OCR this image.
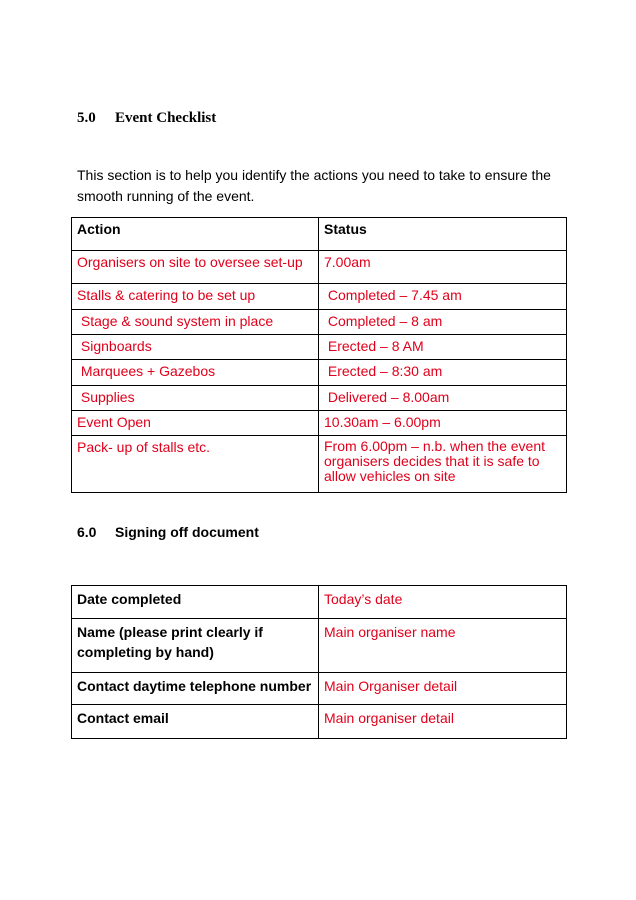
5.0 Event Checklist
This section is to help you identify the actions you need to take to ensure the smooth running of the event.
Action	Status
Organisers on site to oversee set-up	7.00am
Stalls & catering to be set up	Completed – 7.45 am
Stage & sound system in place	Completed – 8 am
Signboards	Erected – 8 AM
Marquees + Gazebos	Erected – 8:30 am
Supplies	Delivered – 8.00am
Event Open	10.30am – 6.00pm
Pack- up of stalls etc.	From 6.00pm – n.b. when the event organisers decides that it is safe to allow vehicles on site
6.0 Signing off document
Date completed	Today’s date
Name (please print clearly if completing by hand)	Main organiser name
Contact daytime telephone number	Main Organiser detail
Contact email	Main organiser detail
